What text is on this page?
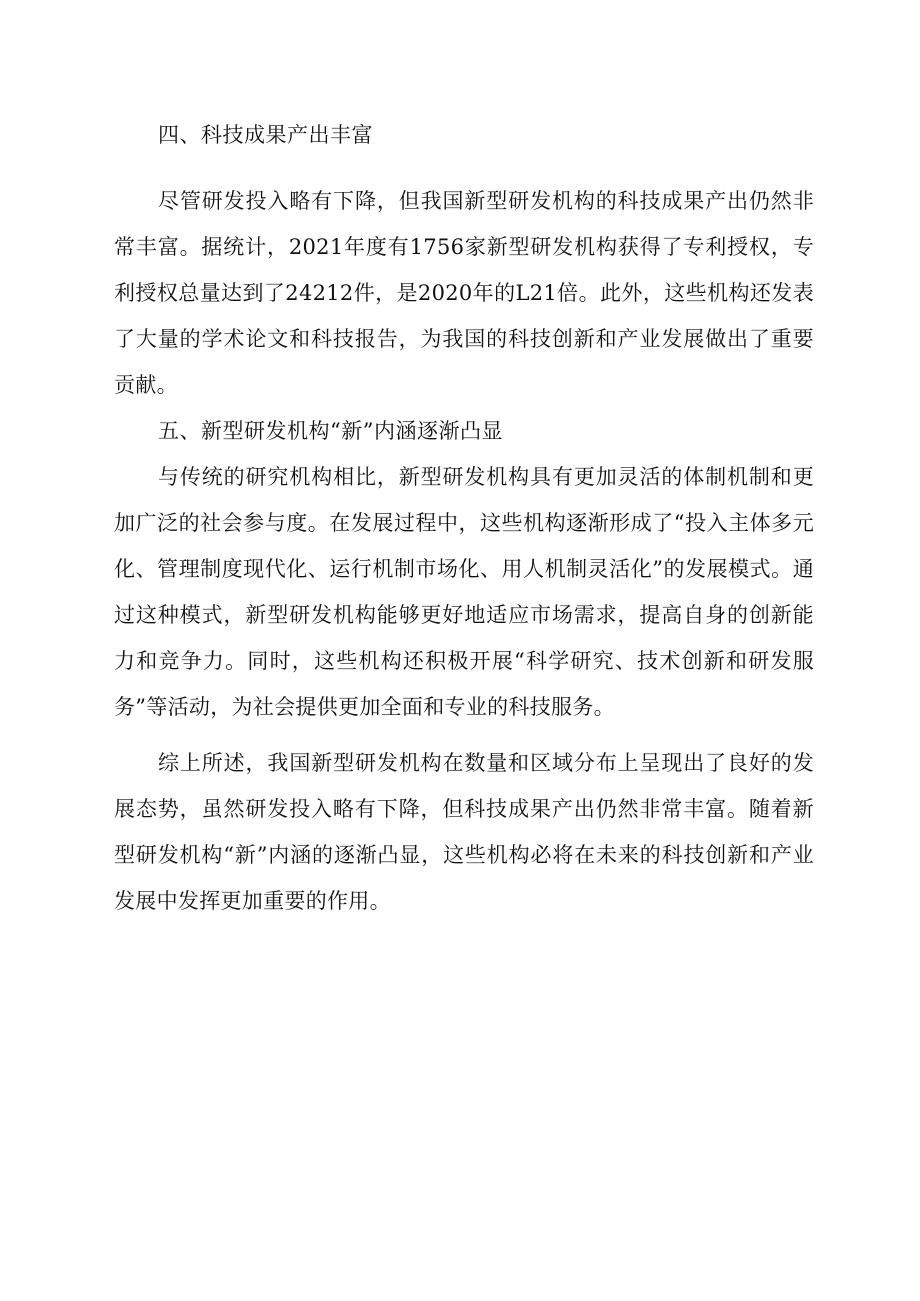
四、科技成果产出丰富

尽管研发投入略有下降，但我国新型研发机构的科技成果产出仍然非常丰富。据统计，2021年度有1756家新型研发机构获得了专利授权，专利授权总量达到了24212件，是2020年的L21倍。此外，这些机构还发表了大量的学术论文和科技报告，为我国的科技创新和产业发展做出了重要贡献。

五、新型研发机构“新”内涵逐渐凸显

与传统的研究机构相比，新型研发机构具有更加灵活的体制机制和更加广泛的社会参与度。在发展过程中，这些机构逐渐形成了“投入主体多元化、管理制度现代化、运行机制市场化、用人机制灵活化”的发展模式。通过这种模式，新型研发机构能够更好地适应市场需求，提高自身的创新能力和竞争力。同时，这些机构还积极开展“科学研究、技术创新和研发服务”等活动，为社会提供更加全面和专业的科技服务。

综上所述，我国新型研发机构在数量和区域分布上呈现出了良好的发展态势，虽然研发投入略有下降，但科技成果产出仍然非常丰富。随着新型研发机构“新”内涵的逐渐凸显，这些机构必将在未来的科技创新和产业发展中发挥更加重要的作用。
